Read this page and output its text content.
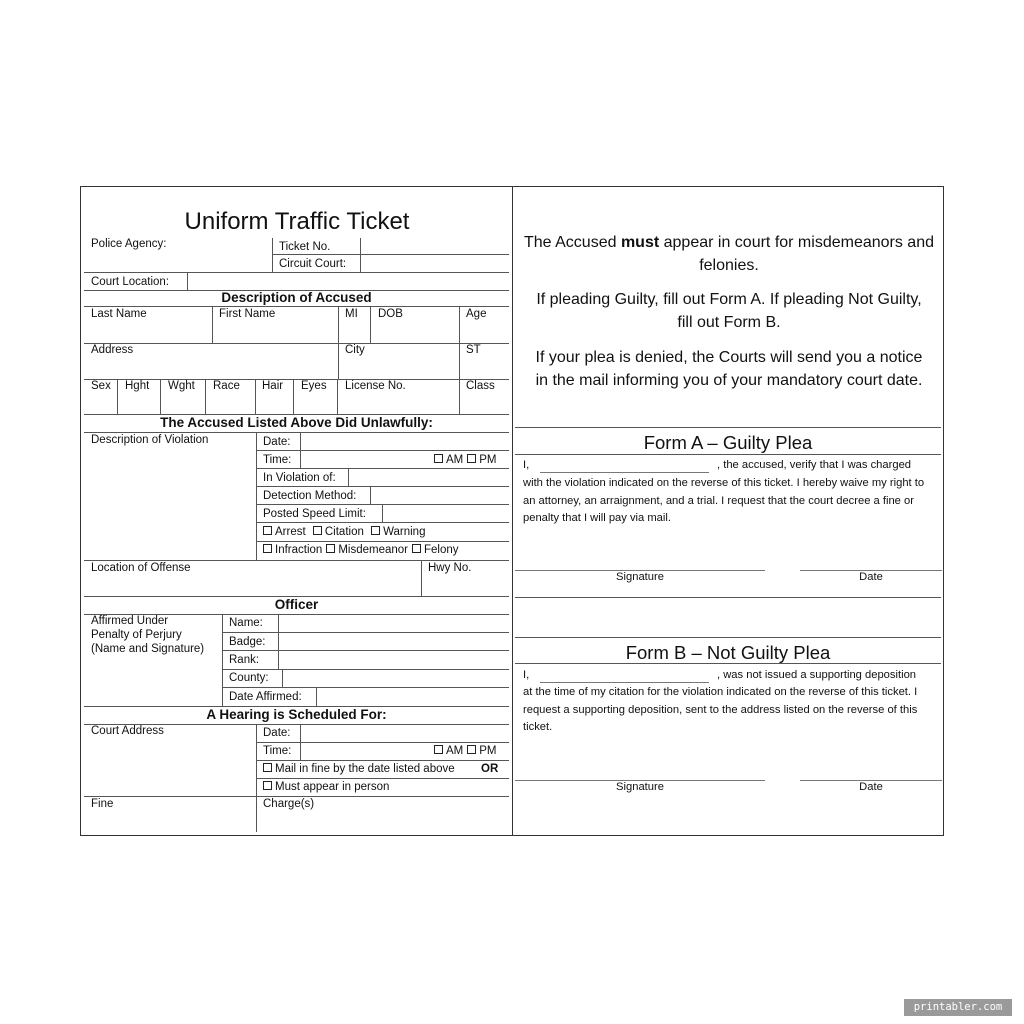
Uniform Traffic Ticket
Police Agency:	Ticket No.
Circuit Court:
Court Location:
Description of Accused
Last Name	First Name	MI DOB	Age
Address	City	ST
Sex Hght Wght Race Hair Eyes License No.	Class
The Accused Listed Above Did Unlawfully:
Description of Violation	Date:
Time:	AM PM
In Violation of:
Detection Method:
Posted Speed Limit:
Arrest Citation Warning
Infraction Misdemeanor Felony
Location of Offense	Hwy No.
Officer
Affirmed Under
Penalty of Perjury
(Name and Signature)
Name:
Badge:
Rank:
County:
Date Affirmed:
A Hearing is Scheduled For:
Court Address	Date:
Time:	AM PM
Mail in fine by the date listed above OR
Must appear in person
Fine	Charge(s)
The Accused must appear in court for misdemeanors and felonies.
If pleading Guilty, fill out Form A. If pleading Not Guilty, fill out Form B.
If your plea is denied, the Courts will send you a notice in the mail informing you of your mandatory court date.
Form A – Guilty Plea
I,	, the accused, verify that I was charged
with the violation indicated on the reverse of this ticket. I hereby waive my right to an attorney, an arraignment, and a trial. I request that the court decree a fine or penalty that I will pay via mail.
Signature	Date
Form B – Not Guilty Plea
I,	, was not issued a supporting deposition
at the time of my citation for the violation indicated on the reverse of this ticket. I request a supporting deposition, sent to the address listed on the reverse of this ticket.
Signature	Date
printabler.com
